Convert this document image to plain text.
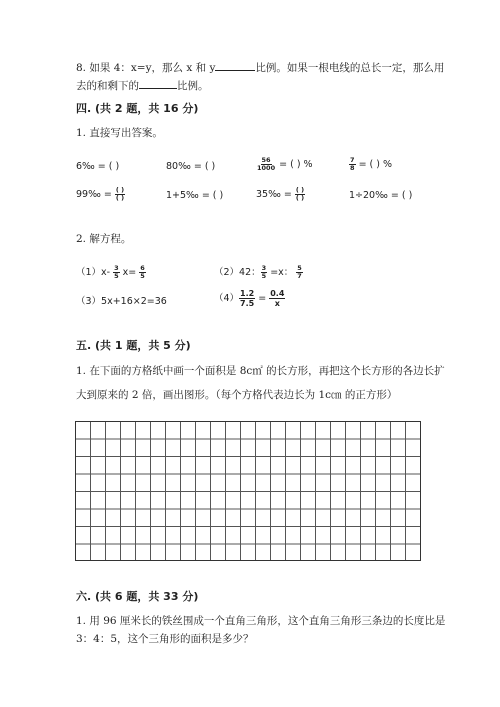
8. 如果 4：x=y，那么 x 和 y	比例。如果一根电线的总长一定，那么用
去的和剩下的	比例。
四. (共 2 题，共 16 分)
1. 直接写出答案。
6‰ = ( )	80‰ = ( )	$\frac{56}{1000}$ = ( ) %	$\frac{7}{8}$ = ( ) %
99‰ = $\frac{( )}{( )}$	1+5‰ = ( )	35‰ = $\frac{( )}{( )}$	1÷20‰ = ( )
2. 解方程。
$(1)x- \frac{3}{5} x= \frac{6}{5}$	（2）42： $\frac{3}{5} =x$： $\frac{5}{7}$
（3）5x+16×2=36	$(4) \frac{1.2}{7.5} = \frac{0.4}{x}$
五. (共 1 题，共 5 分)
1. 在下面的方格纸中画一个面积是 8c㎡ 的长方形，再把这个长方形的各边长扩
大到原来的 2 倍，画出图形。（每个方格代表边长为 1c㎝ 的正方形）
六. (共 6 题，共 33 分)
1. 用 96 厘米长的铁丝围成一个直角三角形，这个直角三角形三条边的长度比是
3：4：5，这个三角形的面积是多少？
